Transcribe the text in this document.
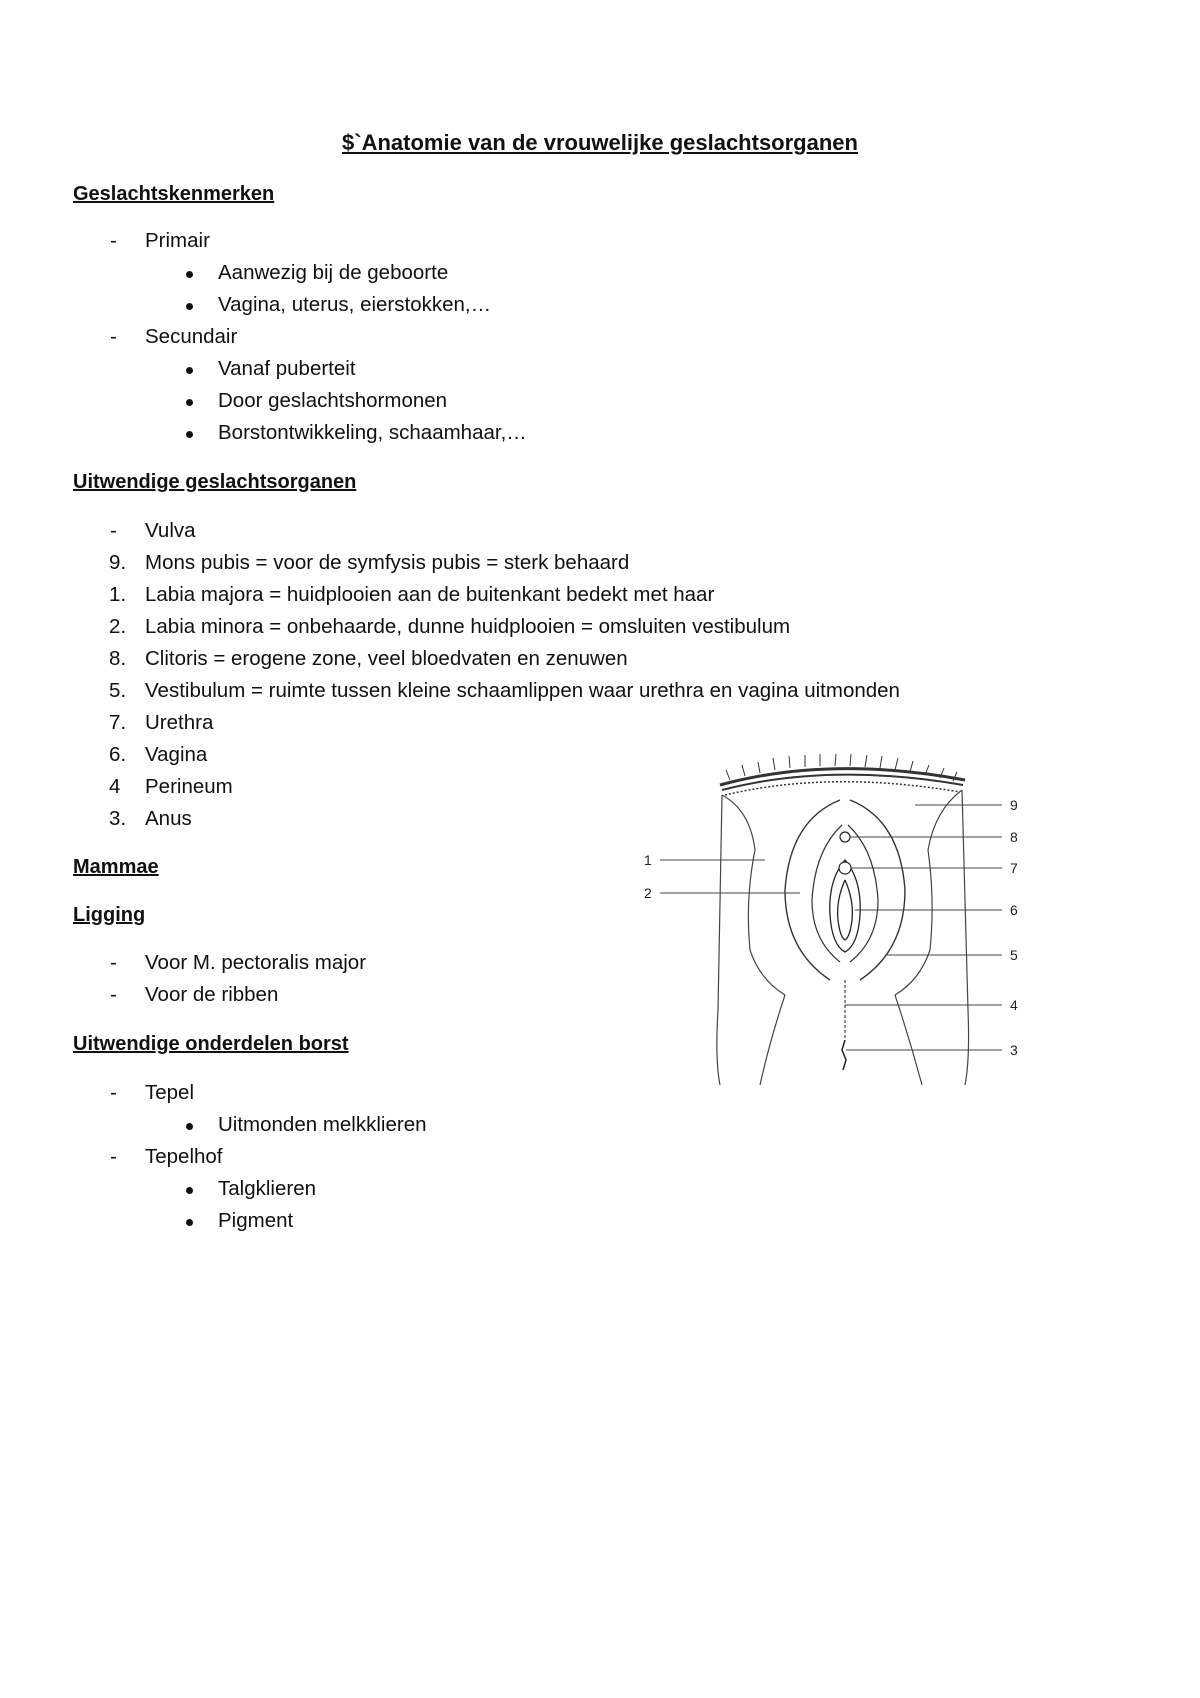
$`Anatomie van de vrouwelijke geslachtsorganen
Geslachtskenmerken
- Primair
Aanwezig bij de geboorte
Vagina, uterus, eierstokken,…
- Secundair
Vanaf puberteit
Door geslachtshormonen
Borstontwikkeling, schaamhaar,…
Uitwendige geslachtsorganen
- Vulva
9. Mons pubis = voor de symfysis pubis = sterk behaard
1. Labia majora = huidplooien aan de buitenkant bedekt met haar
2. Labia minora = onbehaarde, dunne huidplooien = omsluiten vestibulum
8. Clitoris = erogene zone, veel bloedvaten en zenuwen
5. Vestibulum = ruimte tussen kleine schaamlippen waar urethra en vagina uitmonden
7. Urethra
6. Vagina
4 Perineum
3. Anus
Mammae
Ligging
- Voor M. pectoralis major
- Voor de ribben
Uitwendige onderdelen borst
- Tepel
Uitmonden melkklieren
- Tepelhof
Talgklieren
Pigment
9
8
7
6
5
4
3
1
2
